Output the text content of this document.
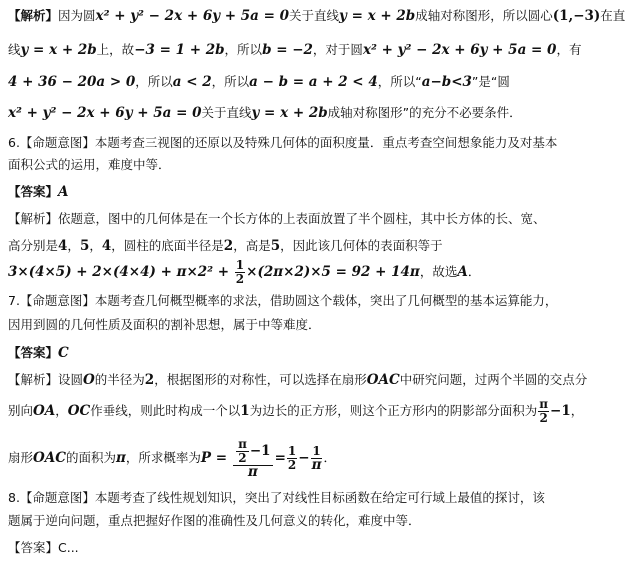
【解析】因为圆x² + y² − 2x + 6y + 5a = 0关于直线y = x + 2b成轴对称图形，所以圆心(1,−3)在直
线y = x + 2b上，故−3 = 1 + 2b，所以b = −2，对于圆x² + y² − 2x + 6y + 5a = 0，有
4 + 36 − 20a > 0，所以a < 2，所以a − b = a + 2 < 4，所以“a−b<3”是“圆
x² + y² − 2x + 6y + 5a = 0关于直线y = x + 2b成轴对称图形”的充分不必要条件．
6.【命题意图】本题考查三视图的还原以及特殊几何体的面积度量．重点考查空间想象能力及对基本
面积公式的运用，难度中等．
【答案】A
【解析】依题意，图中的几何体是在一个长方体的上表面放置了半个圆柱，其中长方体的长、宽、
高分别是4，5，4，圆柱的底面半径是2，高是5，因此该几何体的表面积等于
$3\times(4\times 5) + 2\times(4\times 4) + \pi\times 2^2 + \frac{1}{2} \times(2\pi\times 2)\times 5 = 92 + 14\pi$，故选A．
7.【命题意图】本题考查几何概型概率的求法，借助圆这个载体，突出了几何概型的基本运算能力，
因用到圆的几何性质及面积的割补思想，属于中等难度．
【答案】C
【解析】设圆O的半径为2，根据图形的对称性，可以选择在扇形OAC中研究问题，过两个半圆的交点分
别向OA，OC作垂线，则此时构成一个以1为边长的正方形，则这个正方形内的阴影部分面积为 $\frac{\pi}{2} -1$，
扇形OAC的面积为π，所求概率为$P = \frac{\frac{\pi}{2} -1}{\pi} = \frac{1}{2} - \frac{1}{\pi}$ ．
8.【命题意图】本题考查了线性规划知识，突出了对线性目标函数在给定可行域上最值的探讨，该
题属于逆向问题，重点把握好作图的准确性及几何意义的转化，难度中等．
【答案】C...
